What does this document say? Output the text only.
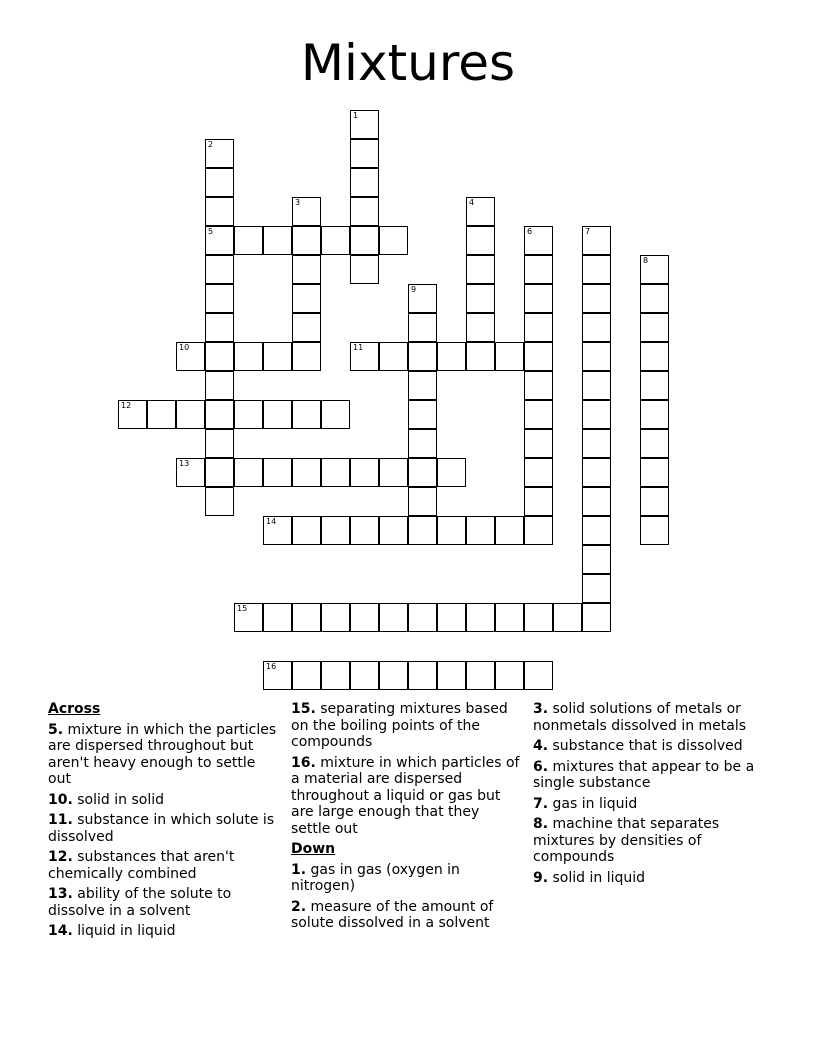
Mixtures
1
2
5
3	4
6	7
8
9
10	11
12
13
14
15
16
Across
5. mixture in which the particles are dispersed throughout but aren't heavy enough to settle out
10. solid in solid
11. substance in which solute is dissolved
12. substances that aren't chemically combined
13. ability of the solute to dissolve in a solvent
14. liquid in liquid
15. separating mixtures based on the boiling points of the compounds
16. mixture in which particles of a material are dispersed throughout a liquid or gas but are large enough that they settle out
Down
1. gas in gas (oxygen in nitrogen)
2. measure of the amount of solute dissolved in a solvent
3. solid solutions of metals or nonmetals dissolved in metals
4. substance that is dissolved
6. mixtures that appear to be a single substance
7. gas in liquid
8. machine that separates mixtures by densities of compounds
9. solid in liquid
